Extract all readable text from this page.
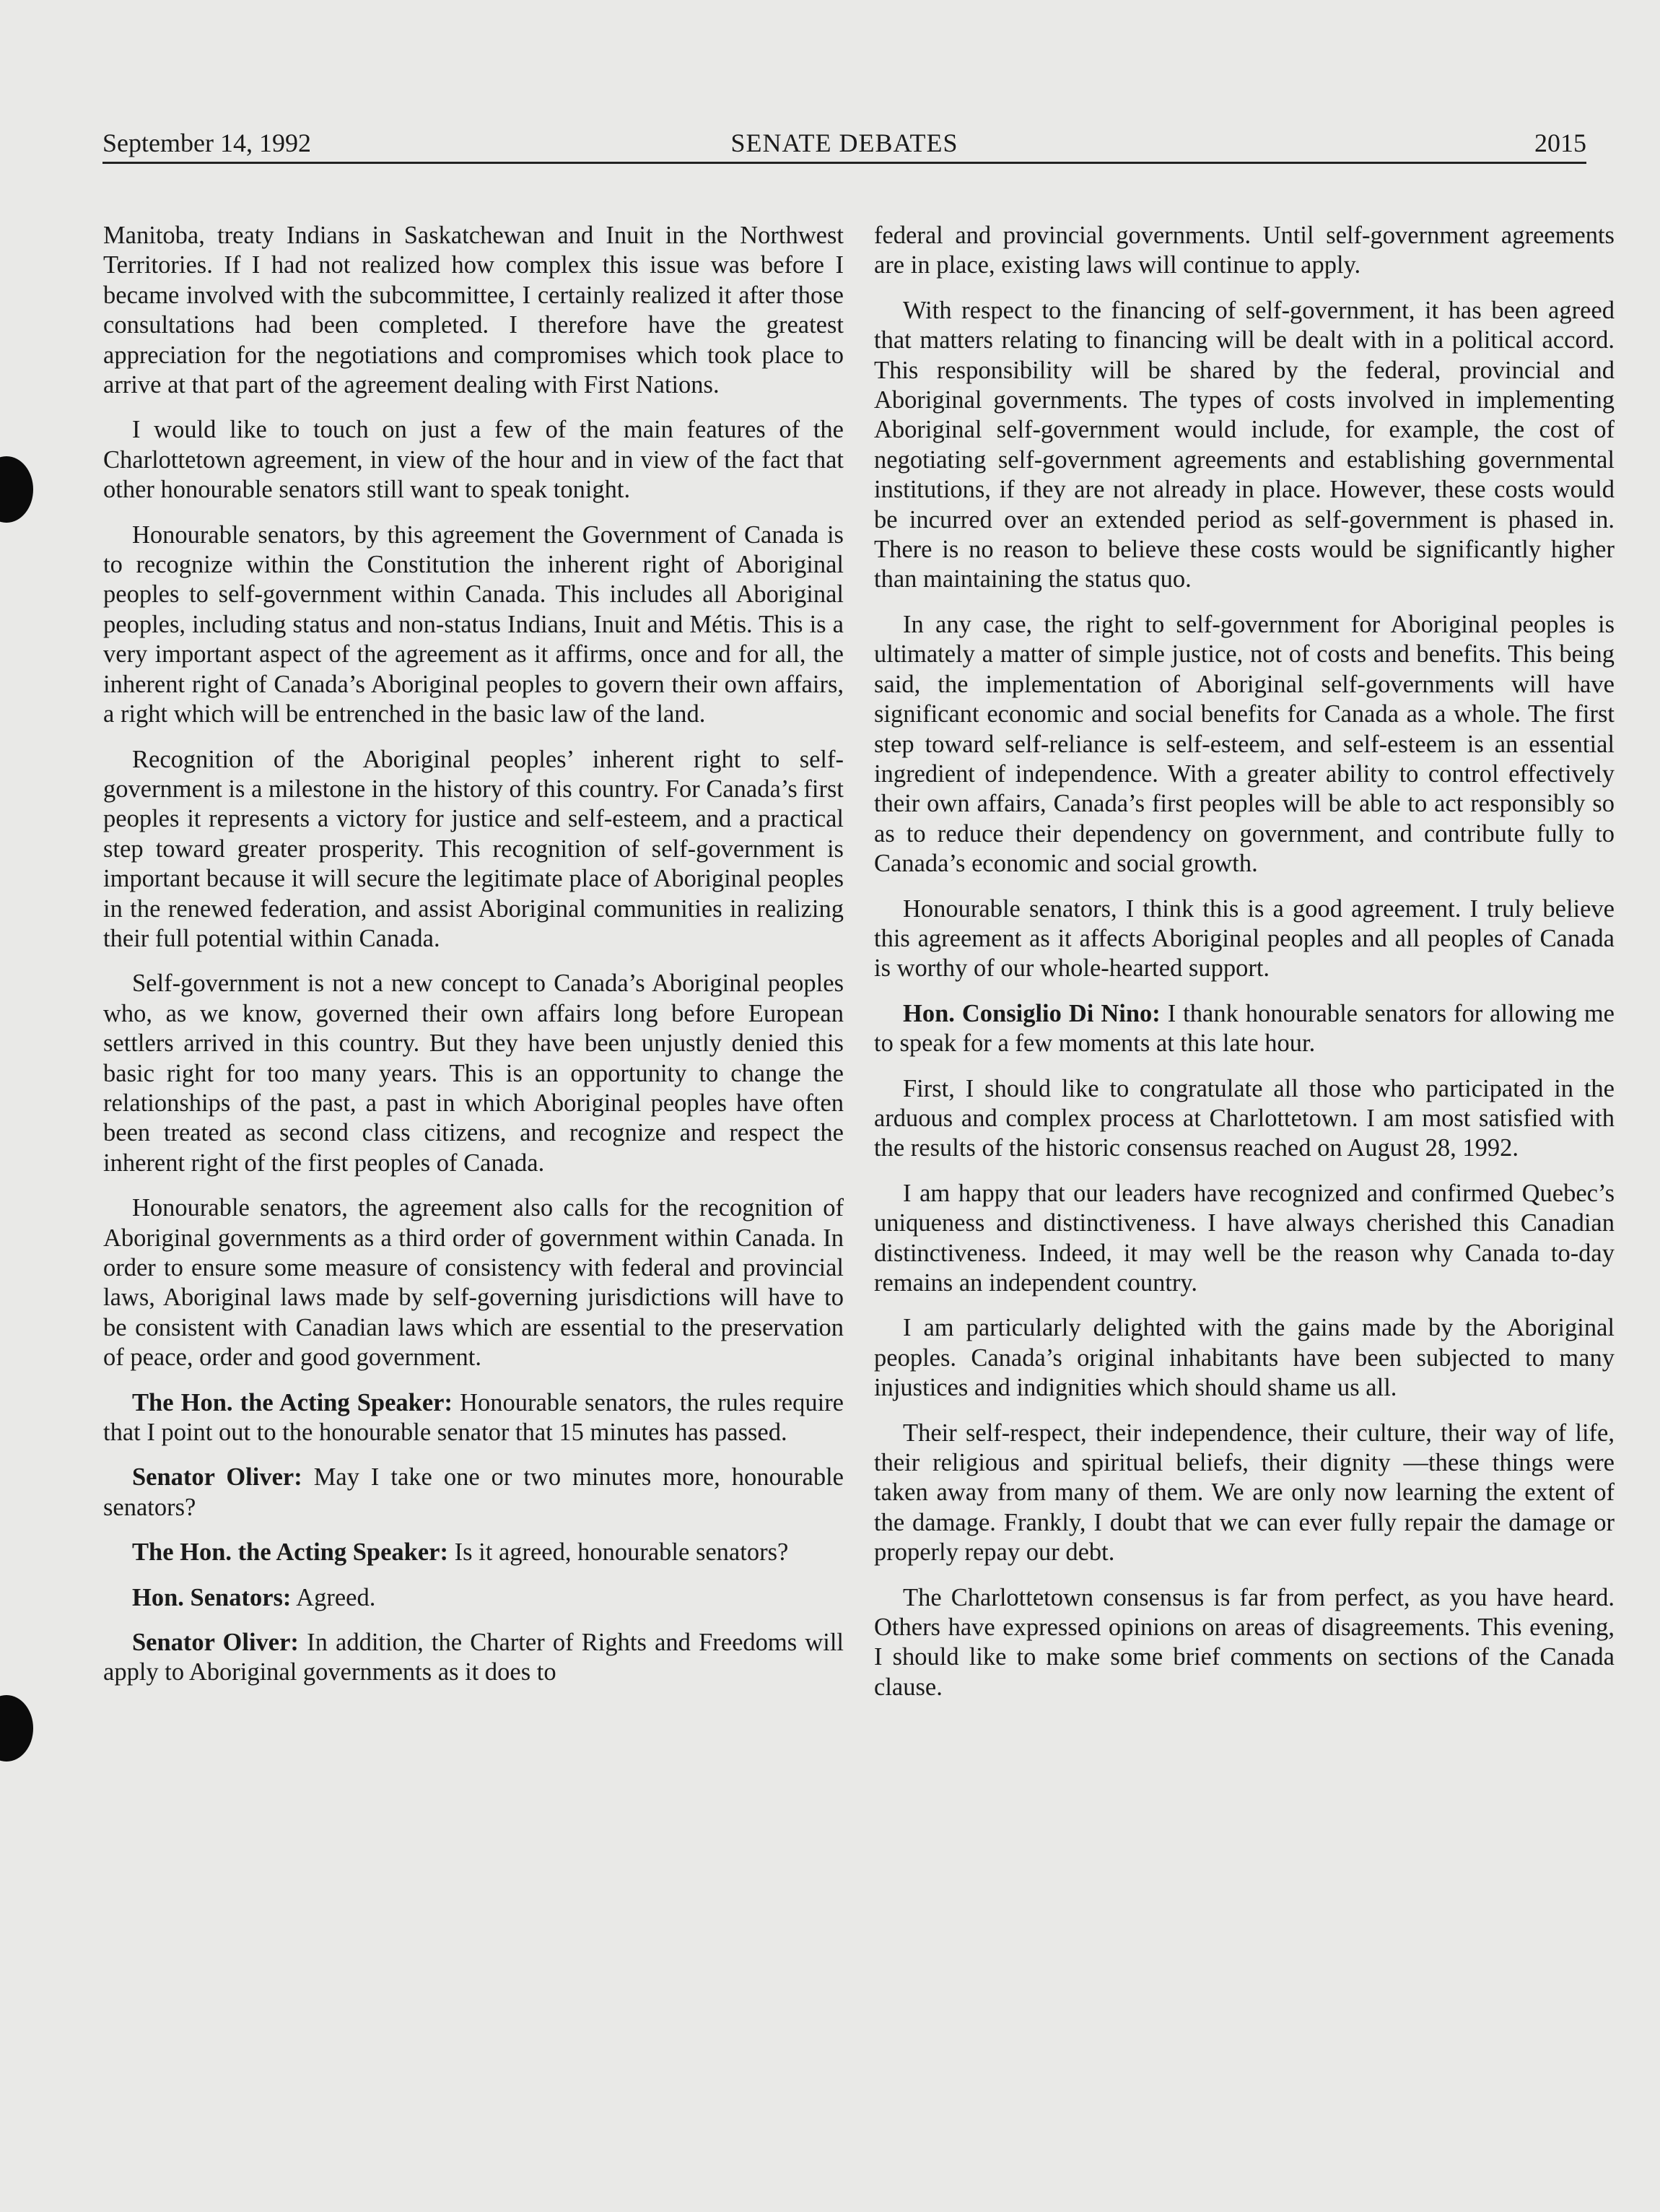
September 14, 1992	SENATE DEBATES	2015

Manitoba, treaty Indians in Saskatchewan and Inuit in the Northwest Territories. If I had not realized how complex this issue was before I became involved with the subcommittee, I certainly realized it after those consultations had been completed. I therefore have the greatest appreciation for the negotiations and compromises which took place to arrive at that part of the agreement dealing with First Nations.

I would like to touch on just a few of the main features of the Charlottetown agreement, in view of the hour and in view of the fact that other honourable senators still want to speak tonight.

Honourable senators, by this agreement the Government of Canada is to recognize within the Constitution the inherent right of Aboriginal peoples to self-government within Canada. This includes all Aboriginal peoples, including status and non-status Indians, Inuit and Métis. This is a very important aspect of the agreement as it affirms, once and for all, the inherent right of Canada’s Aboriginal peoples to govern their own affairs, a right which will be entrenched in the basic law of the land.

Recognition of the Aboriginal peoples’ inherent right to self-government is a milestone in the history of this country. For Canada’s first peoples it represents a victory for justice and self-esteem, and a practical step toward greater prosperity. This recognition of self-government is important because it will secure the legitimate place of Aboriginal peoples in the renewed federation, and assist Aboriginal communities in realizing their full potential within Canada.

Self-government is not a new concept to Canada’s Aboriginal peoples who, as we know, governed their own affairs long before European settlers arrived in this country. But they have been unjustly denied this basic right for too many years. This is an opportunity to change the relationships of the past, a past in which Aboriginal peoples have often been treated as second class citizens, and recognize and respect the inherent right of the first peoples of Canada.

Honourable senators, the agreement also calls for the recognition of Aboriginal governments as a third order of government within Canada. In order to ensure some measure of consistency with federal and provincial laws, Aboriginal laws made by self-governing jurisdictions will have to be consistent with Canadian laws which are essential to the preservation of peace, order and good government.

The Hon. the Acting Speaker: Honourable senators, the rules require that I point out to the honourable senator that 15 minutes has passed.

Senator Oliver: May I take one or two minutes more, honourable senators?

The Hon. the Acting Speaker: Is it agreed, honourable senators?

Hon. Senators: Agreed.

Senator Oliver: In addition, the Charter of Rights and Freedoms will apply to Aboriginal governments as it does to

federal and provincial governments. Until self-government agreements are in place, existing laws will continue to apply.

With respect to the financing of self-government, it has been agreed that matters relating to financing will be dealt with in a political accord. This responsibility will be shared by the federal, provincial and Aboriginal governments. The types of costs involved in implementing Aboriginal self-government would include, for example, the cost of negotiating self-government agreements and establishing governmental institutions, if they are not already in place. However, these costs would be incurred over an extended period as self-government is phased in. There is no reason to believe these costs would be significantly higher than maintaining the status quo.

In any case, the right to self-government for Aboriginal peoples is ultimately a matter of simple justice, not of costs and benefits. This being said, the implementation of Aboriginal self-governments will have significant economic and social benefits for Canada as a whole. The first step toward self-reliance is self-esteem, and self-esteem is an essential ingredient of independence. With a greater ability to control effectively their own affairs, Canada’s first peoples will be able to act responsibly so as to reduce their dependency on government, and contribute fully to Canada’s economic and social growth.

Honourable senators, I think this is a good agreement. I truly believe this agreement as it affects Aboriginal peoples and all peoples of Canada is worthy of our whole-hearted support.

Hon. Consiglio Di Nino: I thank honourable senators for allowing me to speak for a few moments at this late hour.

First, I should like to congratulate all those who participated in the arduous and complex process at Charlottetown. I am most satisfied with the results of the historic consensus reached on August 28, 1992.

I am happy that our leaders have recognized and confirmed Quebec’s uniqueness and distinctiveness. I have always cherished this Canadian distinctiveness. Indeed, it may well be the reason why Canada to-day remains an independent country.

I am particularly delighted with the gains made by the Aboriginal peoples. Canada’s original inhabitants have been subjected to many injustices and indignities which should shame us all.

Their self-respect, their independence, their culture, their way of life, their religious and spiritual beliefs, their dignity —these things were taken away from many of them. We are only now learning the extent of the damage. Frankly, I doubt that we can ever fully repair the damage or properly repay our debt.

The Charlottetown consensus is far from perfect, as you have heard. Others have expressed opinions on areas of disagreements. This evening, I should like to make some brief comments on sections of the Canada clause.
